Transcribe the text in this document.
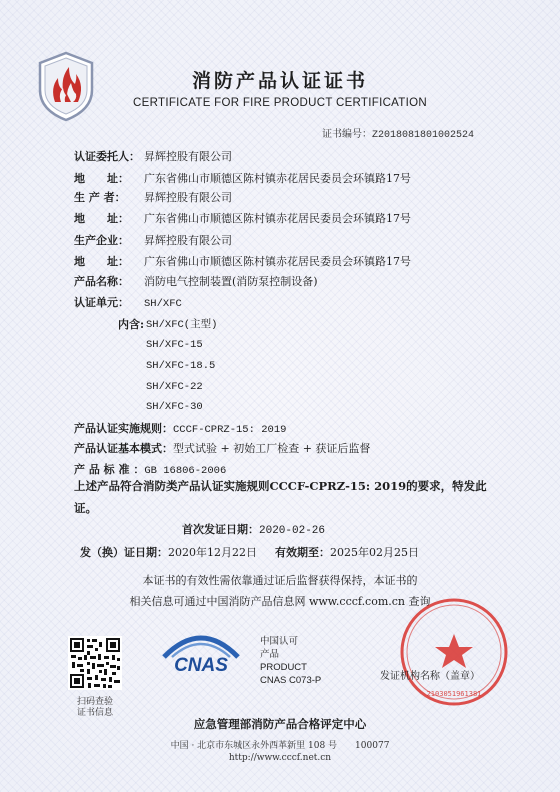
消防产品认证证书
CERTIFICATE FOR FIRE PRODUCT CERTIFICATION
证书编号：Z2018081801002524
认证委托人： 昇辉控股有限公司
地　　址： 广东省佛山市顺德区陈村镇赤花居民委员会环镇路17号
生 产 者： 昇辉控股有限公司
地　　址： 广东省佛山市顺德区陈村镇赤花居民委员会环镇路17号
生产企业： 昇辉控股有限公司
地　　址： 广东省佛山市顺德区陈村镇赤花居民委员会环镇路17号
产品名称： 消防电气控制装置(消防泵控制设备)
认证单元： SH/XFC
内含: SH/XFC(主型)
SH/XFC-15
SH/XFC-18.5
SH/XFC-22
SH/XFC-30
产品认证实施规则：CCCF-CPRZ-15: 2019
产品认证基本模式：型式试验 + 初始工厂检查 + 获证后监督
产 品 标 准 ：GB 16806-2006
上述产品符合消防类产品认证实施规则CCCF-CPRZ-15: 2019的要求，特发此证。
首次发证日期：2020-02-26
发（换）证日期：2020年12月22日 有效期至：2025年02月25日
本证书的有效性需依靠通过证后监督获得保持，本证书的
相关信息可通过中国消防产品信息网 www.cccf.com.cn 查询
扫码查验
证书信息
CNAS
中国认可
产品
PRODUCT
CNAS C073-P
2103051961381
发证机构名称（盖章）
应急管理部消防产品合格评定中心
中国 · 北京市东城区永外西革新里 108 号　　100077
http://www.cccf.net.cn
